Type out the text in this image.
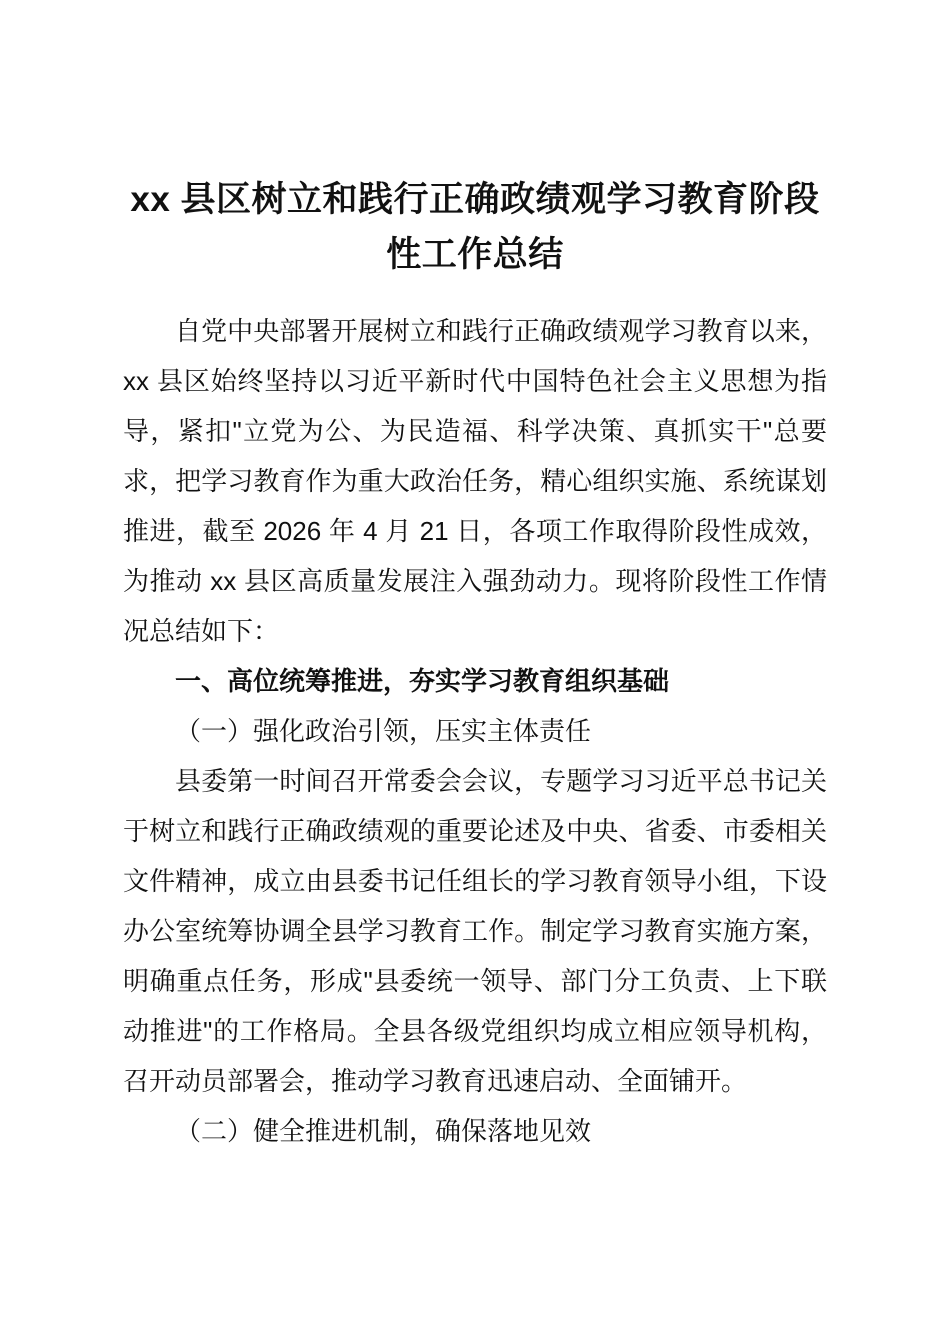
xx 县区树立和践行正确政绩观学习教育阶段性工作总结

自党中央部署开展树立和践行正确政绩观学习教育以来，xx 县区始终坚持以习近平新时代中国特色社会主义思想为指导，紧扣"立党为公、为民造福、科学决策、真抓实干"总要求，把学习教育作为重大政治任务，精心组织实施、系统谋划推进，截至 2026 年 4 月 21 日，各项工作取得阶段性成效，为推动 xx 县区高质量发展注入强劲动力。现将阶段性工作情况总结如下：

一、高位统筹推进，夯实学习教育组织基础

（一）强化政治引领，压实主体责任

县委第一时间召开常委会会议，专题学习习近平总书记关于树立和践行正确政绩观的重要论述及中央、省委、市委相关文件精神，成立由县委书记任组长的学习教育领导小组，下设办公室统筹协调全县学习教育工作。制定学习教育实施方案，明确重点任务，形成"县委统一领导、部门分工负责、上下联动推进"的工作格局。全县各级党组织均成立相应领导机构，召开动员部署会，推动学习教育迅速启动、全面铺开。

（二）健全推进机制，确保落地见效
